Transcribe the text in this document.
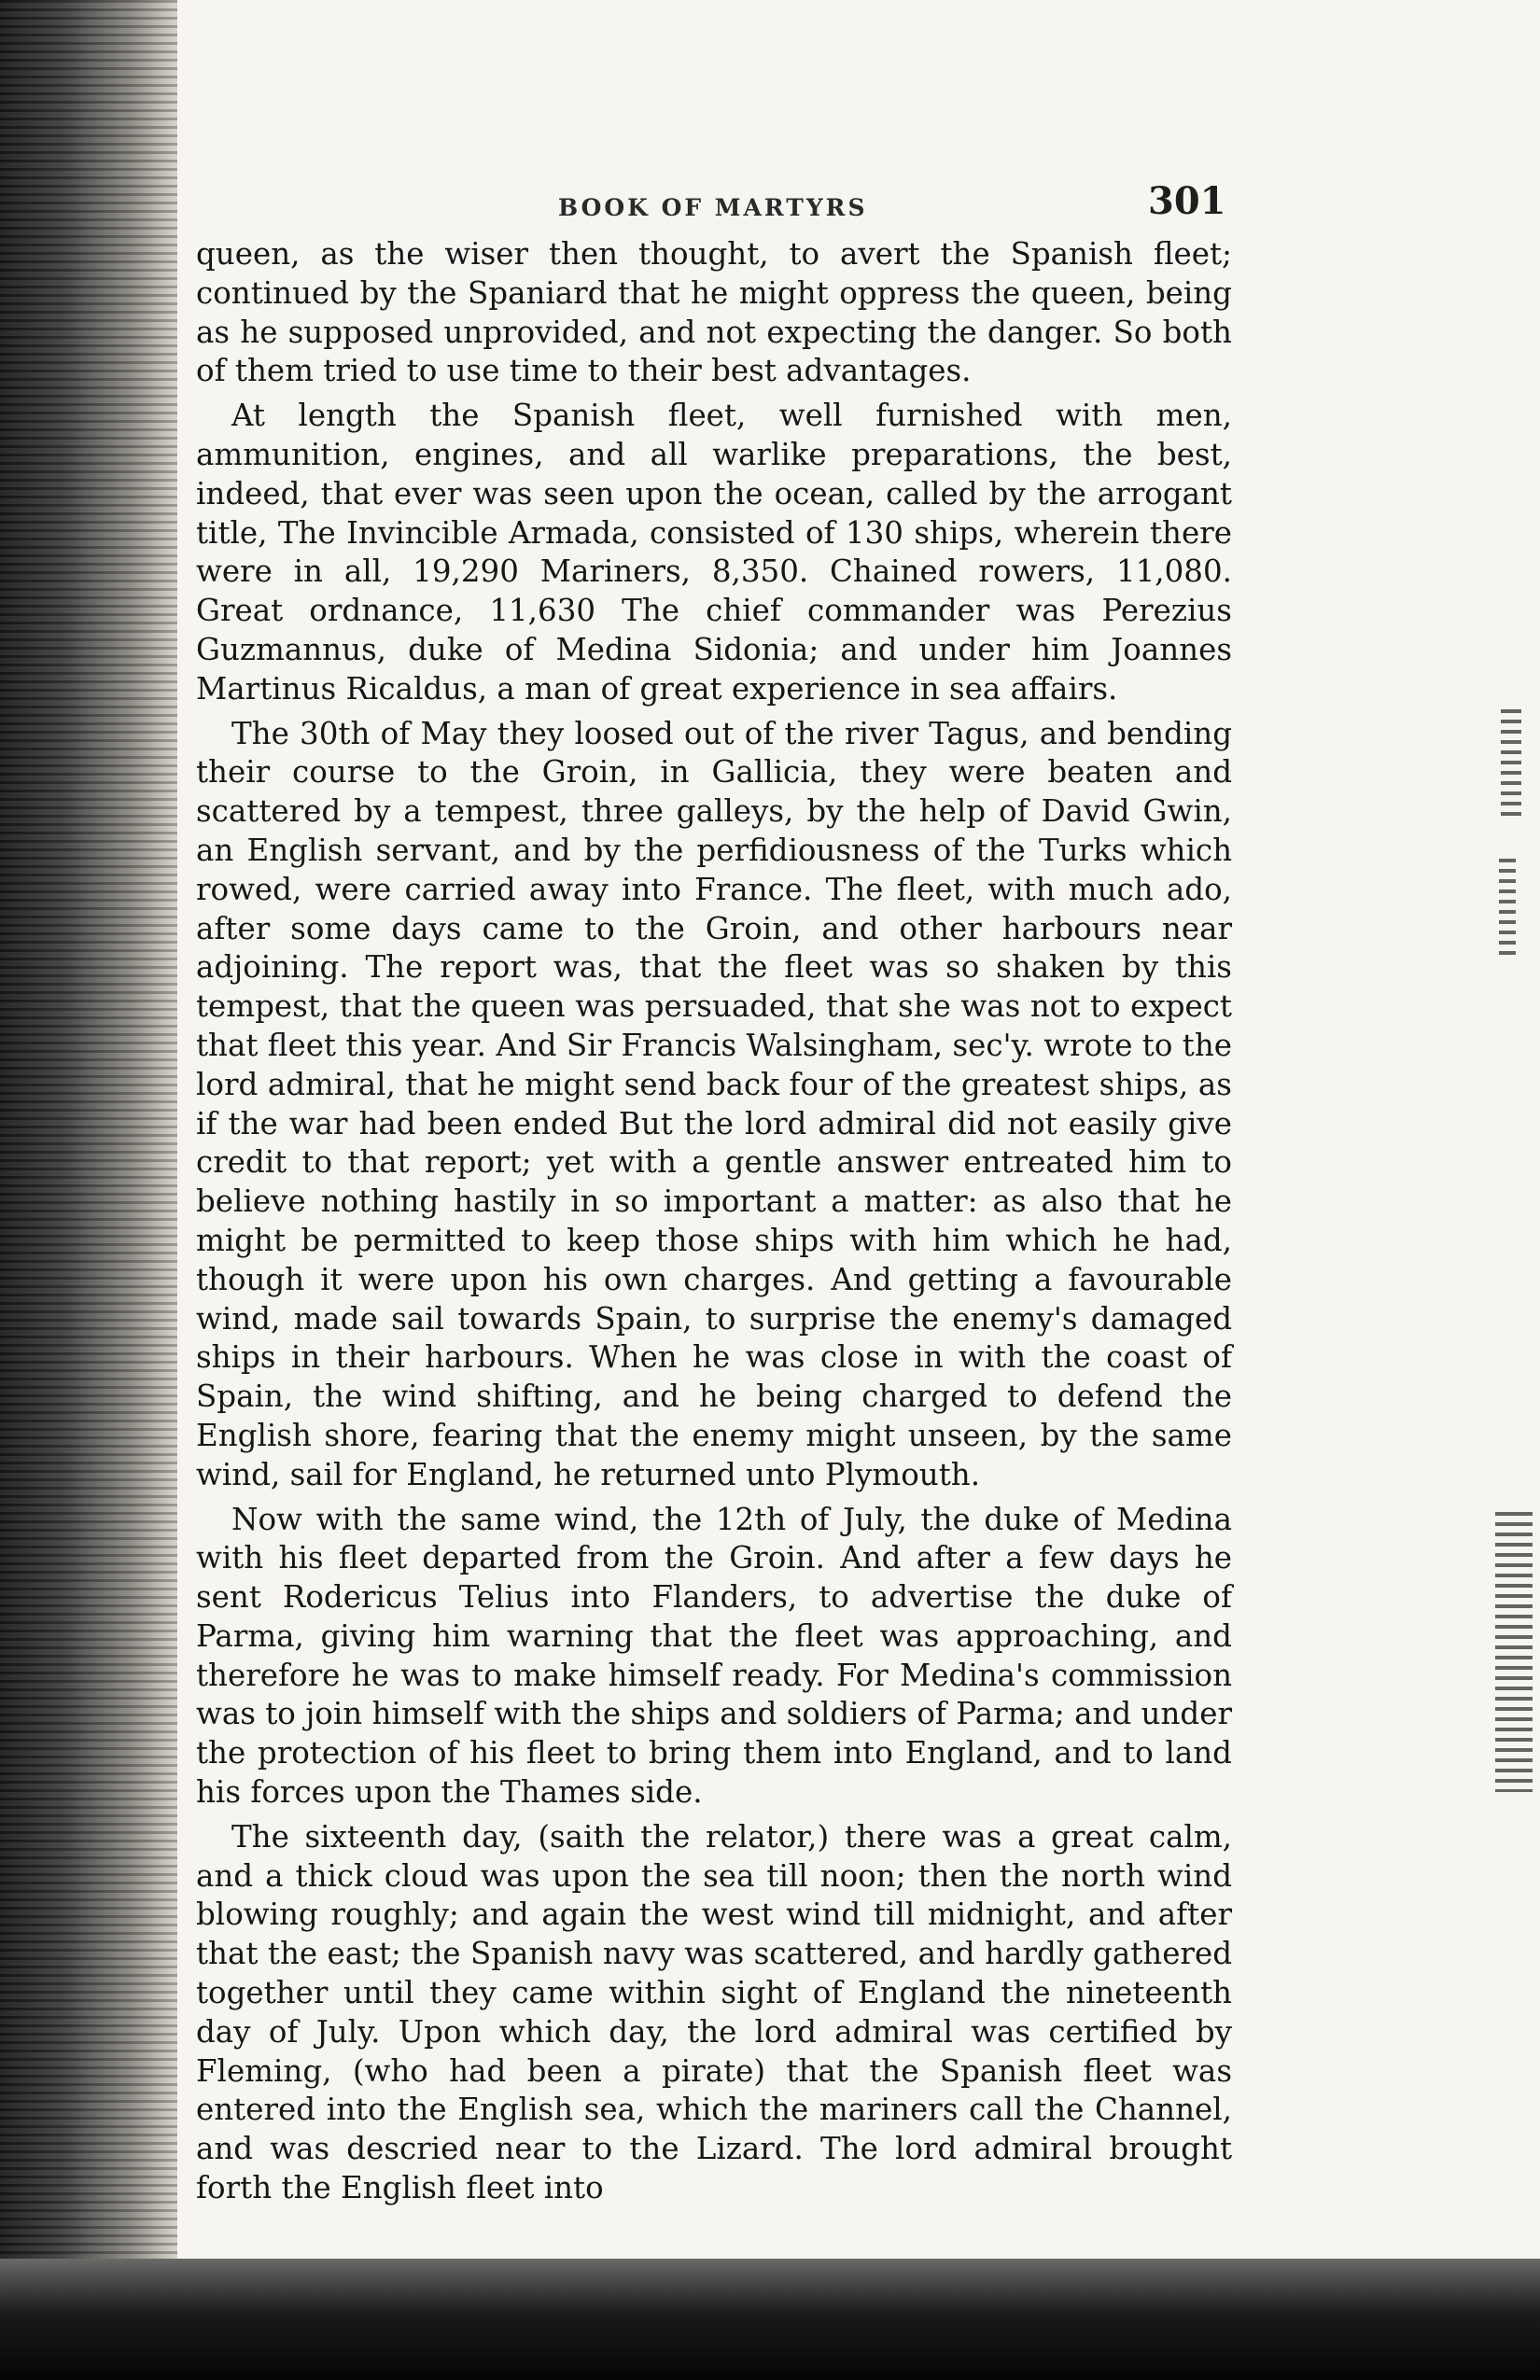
BOOK OF MARTYRS	301

queen, as the wiser then thought, to avert the Spanish fleet; continued by the Spaniard that he might oppress the queen, being as he supposed unprovided, and not expecting the danger. So both of them tried to use time to their best advantages.

At length the Spanish fleet, well furnished with men, ammunition, engines, and all warlike preparations, the best, indeed, that ever was seen upon the ocean, called by the arrogant title, The Invincible Armada, consisted of 130 ships, wherein there were in all, 19,290 Mariners, 8,350. Chained rowers, 11,080. Great ordnance, 11,630 The chief commander was Perezius Guzmannus, duke of Medina Sidonia; and under him Joannes Martinus Ricaldus, a man of great experience in sea affairs.

The 30th of May they loosed out of the river Tagus, and bending their course to the Groin, in Gallicia, they were beaten and scattered by a tempest, three galleys, by the help of David Gwin, an English servant, and by the perfidiousness of the Turks which rowed, were carried away into France. The fleet, with much ado, after some days came to the Groin, and other harbours near adjoining. The report was, that the fleet was so shaken by this tempest, that the queen was persuaded, that she was not to expect that fleet this year. And Sir Francis Walsingham, sec'y. wrote to the lord admiral, that he might send back four of the greatest ships, as if the war had been ended But the lord admiral did not easily give credit to that report; yet with a gentle answer entreated him to believe nothing hastily in so important a matter: as also that he might be permitted to keep those ships with him which he had, though it were upon his own charges. And getting a favourable wind, made sail towards Spain, to surprise the enemy's damaged ships in their harbours. When he was close in with the coast of Spain, the wind shifting, and he being charged to defend the English shore, fearing that the enemy might unseen, by the same wind, sail for England, he returned unto Plymouth.

Now with the same wind, the 12th of July, the duke of Medina with his fleet departed from the Groin. And after a few days he sent Rodericus Telius into Flanders, to advertise the duke of Parma, giving him warning that the fleet was approaching, and therefore he was to make himself ready. For Medina's commission was to join himself with the ships and soldiers of Parma; and under the protection of his fleet to bring them into England, and to land his forces upon the Thames side.

The sixteenth day, (saith the relator,) there was a great calm, and a thick cloud was upon the sea till noon; then the north wind blowing roughly; and again the west wind till midnight, and after that the east; the Spanish navy was scattered, and hardly gathered together until they came within sight of England the nineteenth day of July. Upon which day, the lord admiral was certified by Fleming, (who had been a pirate) that the Spanish fleet was entered into the English sea, which the mariners call the Channel, and was descried near to the Lizard. The lord admiral brought forth the English fleet into
